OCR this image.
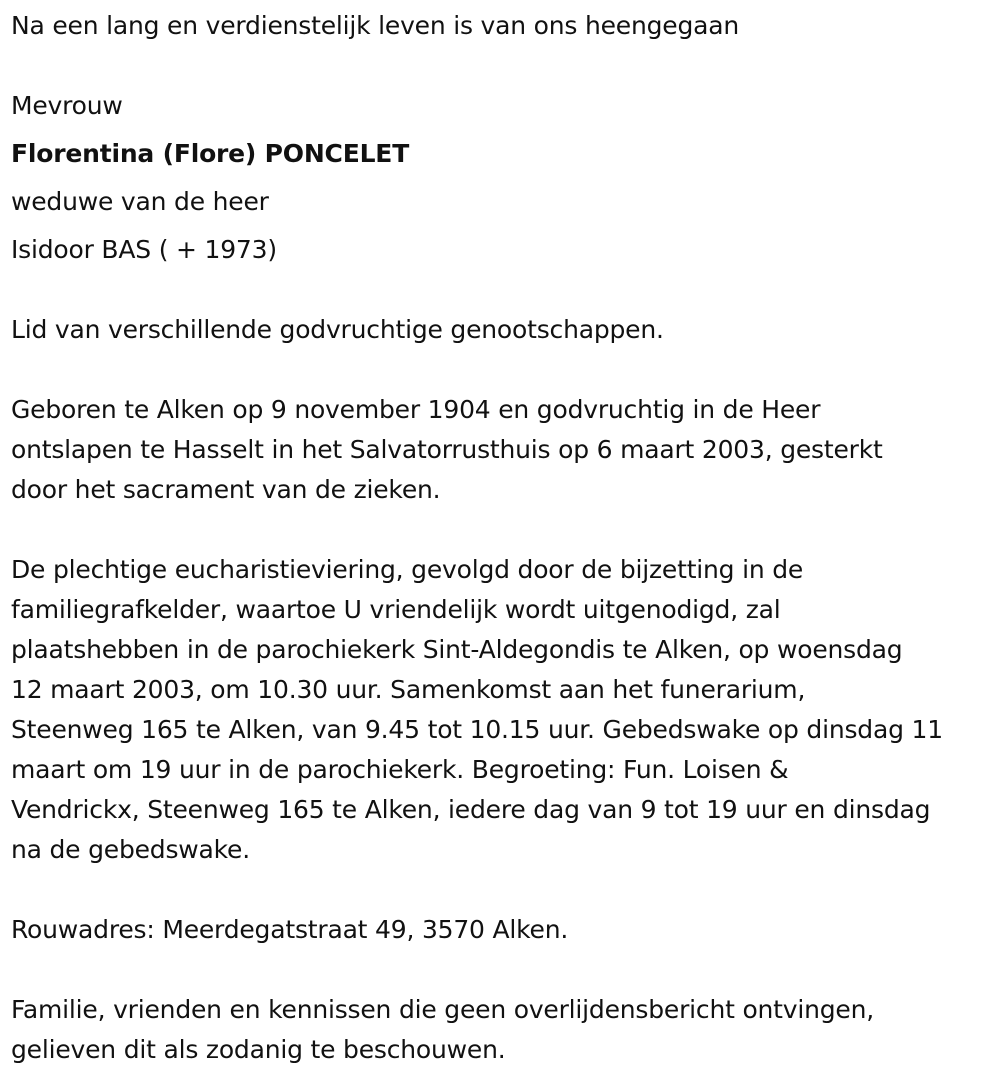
Na een lang en verdienstelijk leven is van ons heengegaan
Mevrouw
Florentina (Flore) PONCELET
weduwe van de heer
Isidoor BAS ( + 1973)
Lid van verschillende godvruchtige genootschappen.
Geboren te Alken op 9 november 1904 en godvruchtig in de Heer
ontslapen te Hasselt in het Salvatorrusthuis op 6 maart 2003, gesterkt
door het sacrament van de zieken.
De plechtige eucharistieviering, gevolgd door de bijzetting in de
familiegrafkelder, waartoe U vriendelijk wordt uitgenodigd, zal
plaatshebben in de parochiekerk Sint-Aldegondis te Alken, op woensdag
12 maart 2003, om 10.30 uur. Samenkomst aan het funerarium,
Steenweg 165 te Alken, van 9.45 tot 10.15 uur. Gebedswake op dinsdag 11
maart om 19 uur in de parochiekerk. Begroeting: Fun. Loisen &
Vendrickx, Steenweg 165 te Alken, iedere dag van 9 tot 19 uur en dinsdag
na de gebedswake.
Rouwadres: Meerdegatstraat 49, 3570 Alken.
Familie, vrienden en kennissen die geen overlijdensbericht ontvingen,
gelieven dit als zodanig te beschouwen.
